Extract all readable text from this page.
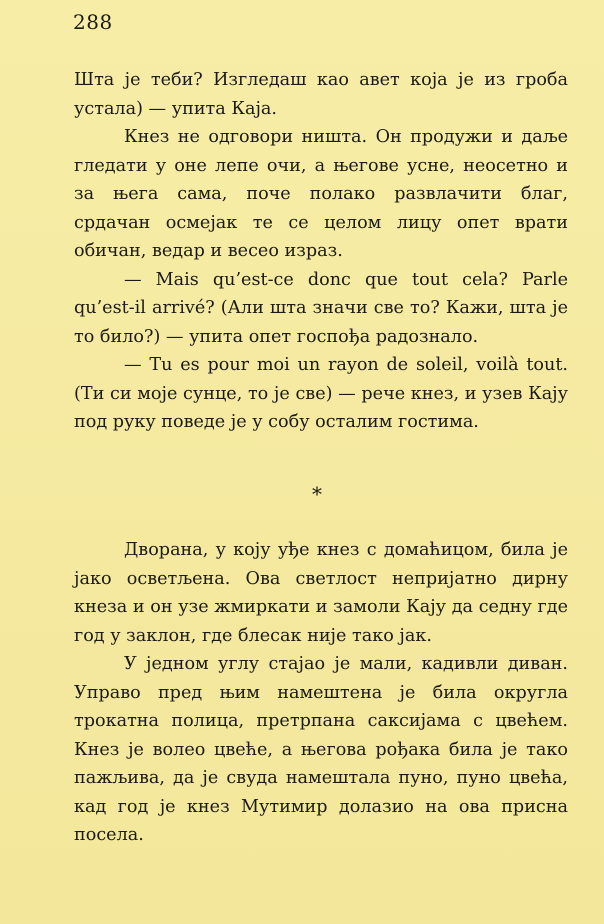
288

Шта је теби? Изгледаш као авет која је из гроба устала) — упита Каја.

Кнез не одговори ништа. Он продужи и даље гледати у оне лепе очи, а његове усне, неосетно и за њега сама, поче полако развлачити благ, срдачан осмејак те се целом лицу опет врати обичан, ведар и весео израз.

— Mais qu’est-ce donc que tout cela? Parle qu’est-il arrivé? (Али шта значи све то? Кажи, шта је то било?) — упита опет госпођа радознало.

— Tu es pour moi un rayon de soleil, voilà tout. (Ти си моје сунце, то је све) — рече кнез, и узев Кају под руку поведе је у собу осталим гостима.

*

Дворана, у коју уђе кнез с домаћицом, била је јако осветљена. Ова светлост непријатно дирну кнеза и он узе жмиркати и замоли Кају да седну где год у заклон, где блесак није тако јак.

У једном углу стајао је мали, кадивли диван. Управо пред њим намештена је била округла трокатна полица, претрпана саксијама с цвећем. Кнез је волео цвеће, а његова рођака била је тако пажљива, да је свуда намештала пуно, пуно цвећа, кад год је кнез Мутимир долазио на ова присна посела.
